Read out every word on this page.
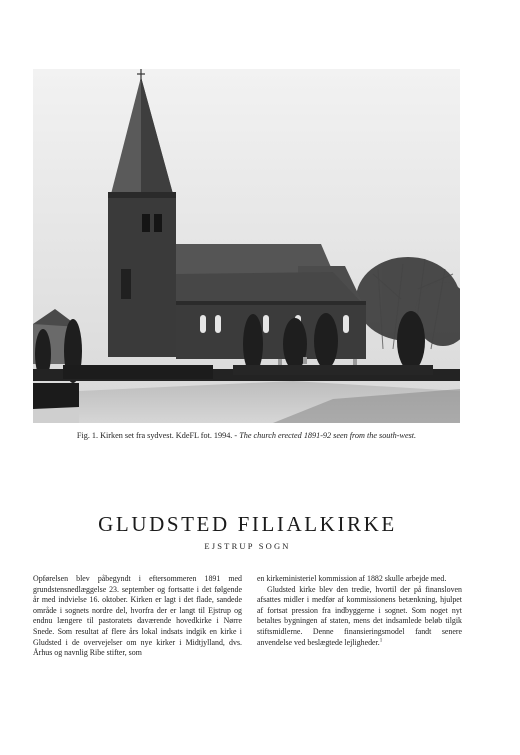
Fig. 1. Kirken set fra sydvest. KdeFL fot. 1994. - The church erected 1891-92 seen from the south-west.
GLUDSTED FILIALKIRKE
EJSTRUP SOGN

Opførelsen blev påbegyndt i eftersommeren 1891 med grundstensnedlæggelse 23. september og fortsatte i det følgende år med indvielse 16. oktober. Kirken er lagt i det flade, sandede område i sognets nordre del, hvorfra der er langt til Ejstrup og endnu længere til pastoratets daværende hovedkirke i Nørre Snede. Som resultat af flere års lokal indsats indgik en kirke i Gludsted i de overvejelser om nye kirker i Midtjylland, dvs. Århus og navnlig Ribe stifter, som

en kirkeministeriel kommission af 1882 skulle arbejde med.

Gludsted kirke blev den tredie, hvortil der på finansloven afsattes midler i medfør af kommissionens betænkning, hjulpet af fortsat pression fra indbyggerne i sognet. Som noget nyt betaltes bygningen af staten, mens det indsamlede beløb tilgik stiftsmidlerne. Denne finansieringsmodel fandt senere anvendelse ved beslægtede lejligheder.$^1$
